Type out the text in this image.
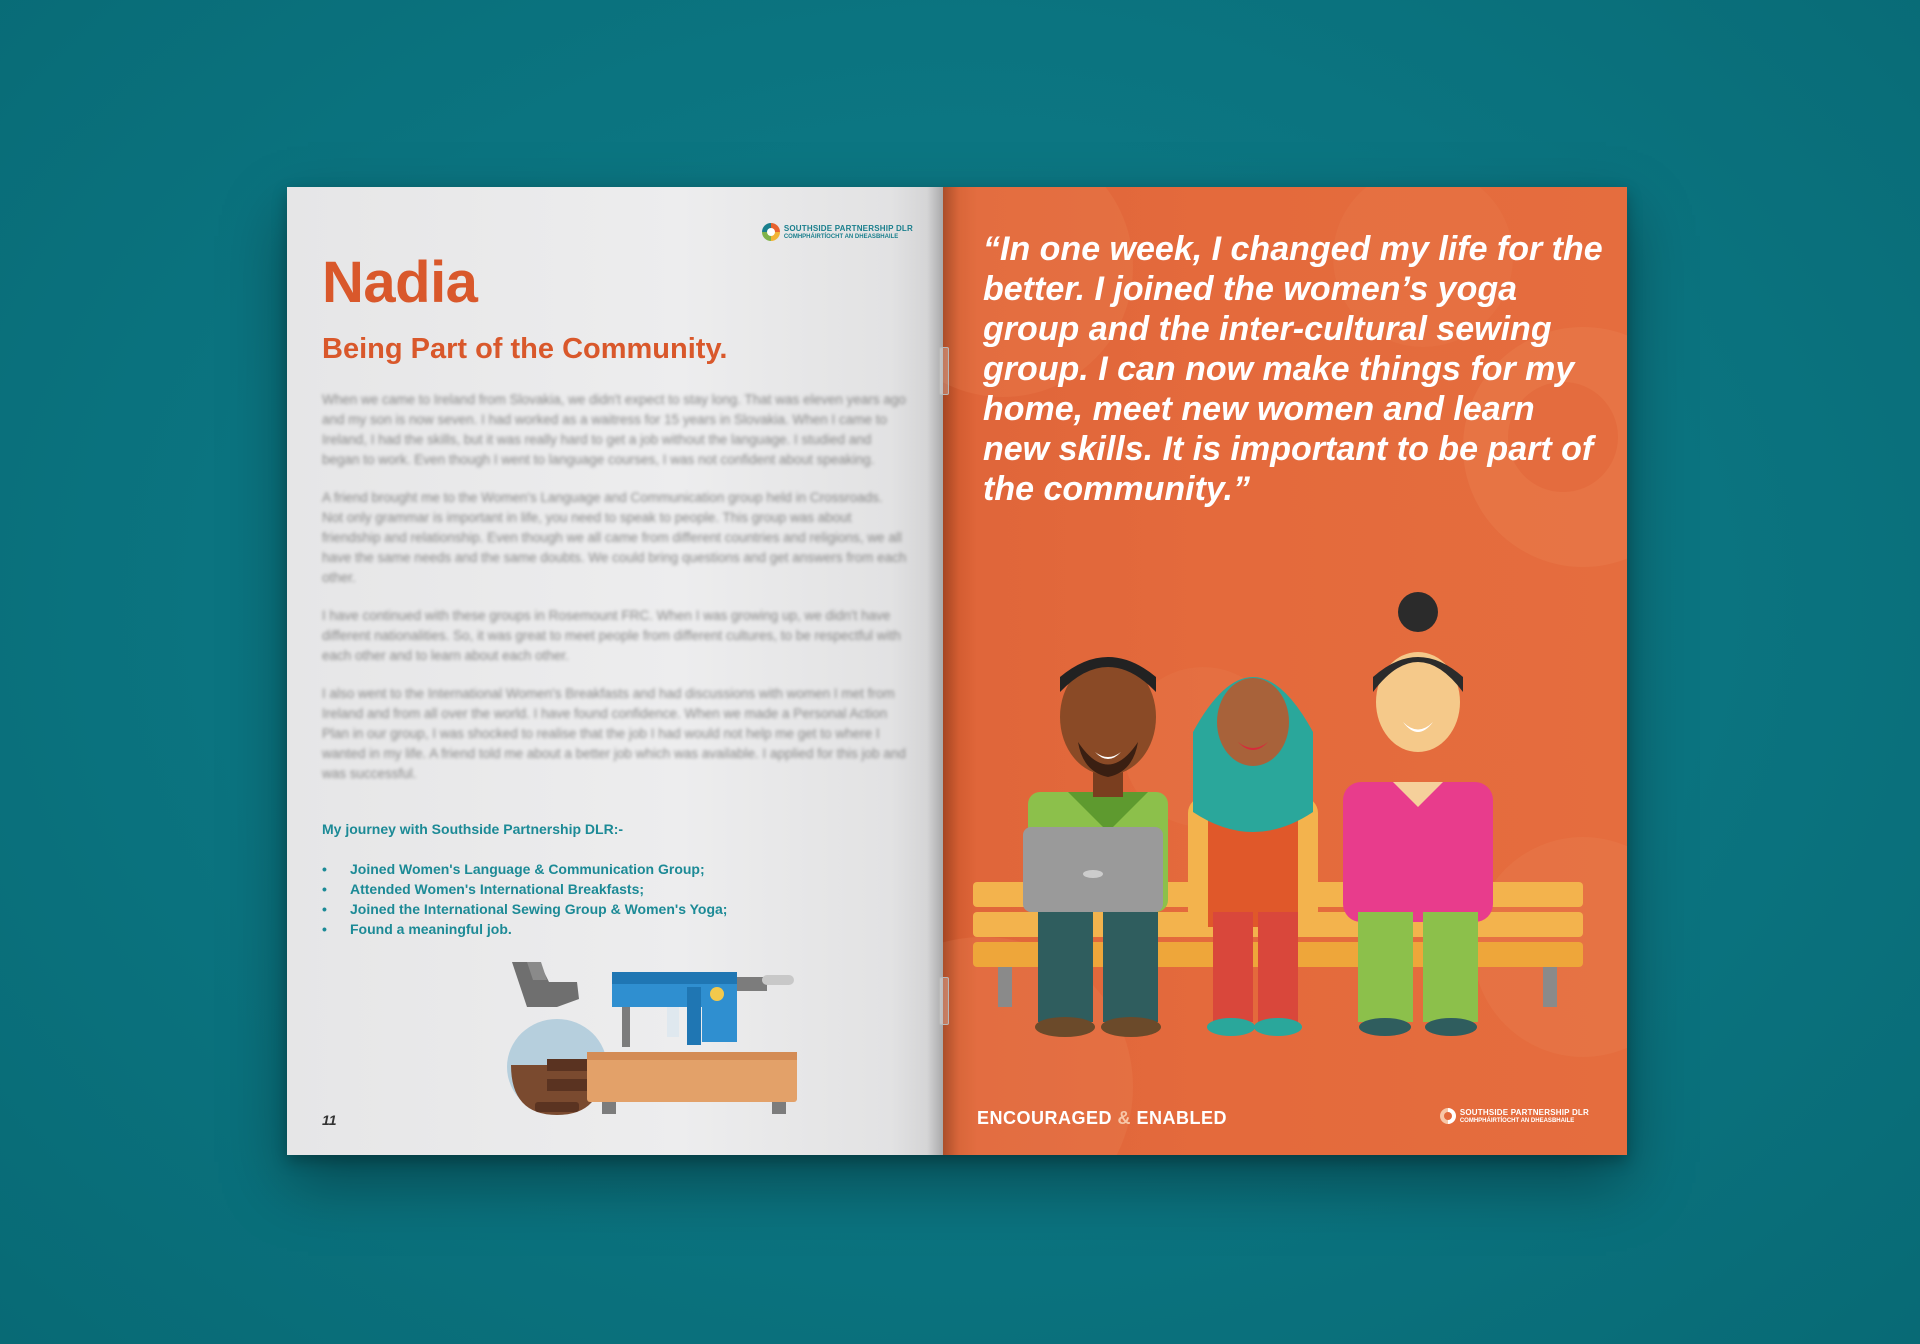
SOUTHSIDE PARTNERSHIP DLR
COMHPHÁIRTÍOCHT AN DHEASBHAILE
Nadia
Being Part of the Community.

When we came to Ireland from Slovakia, we didn't expect to stay long. That was eleven years ago and my son is now seven. I had worked as a waitress for 15 years in Slovakia. When I came to Ireland, I had the skills, but it was really hard to get a job without the language. I studied and began to work. Even though I went to language courses, I was not confident about speaking.

A friend brought me to the Women's Language and Communication group held in Crossroads. Not only grammar is important in life, you need to speak to people. This group was about friendship and relationship. Even though we all came from different countries and religions, we all have the same needs and the same doubts. We could bring questions and get answers from each other.

I have continued with these groups in Rosemount FRC. When I was growing up, we didn't have different nationalities. So, it was great to meet people from different cultures, to be respectful with each other and to learn about each other.

I also went to the International Women's Breakfasts and had discussions with women I met from Ireland and from all over the world. I have found confidence. When we made a Personal Action Plan in our group, I was shocked to realise that the job I had would not help me get to where I wanted in my life. A friend told me about a better job which was available. I applied for this job and was successful.

My journey with Southside Partnership DLR:-
• Joined Women's Language & Communication Group;
• Attended Women's International Breakfasts;
• Joined the International Sewing Group & Women's Yoga;
• Found a meaningful job.
11

“In one week, I changed my life for the better. I joined the women’s yoga group and the inter-cultural sewing group. I can now make things for my home, meet new women and learn new skills. It is important to be part of the community.”

ENCOURAGED & ENABLED	SOUTHSIDE PARTNERSHIP DLR
COMHPHÁIRTÍOCHT AN DHEASBHAILE
